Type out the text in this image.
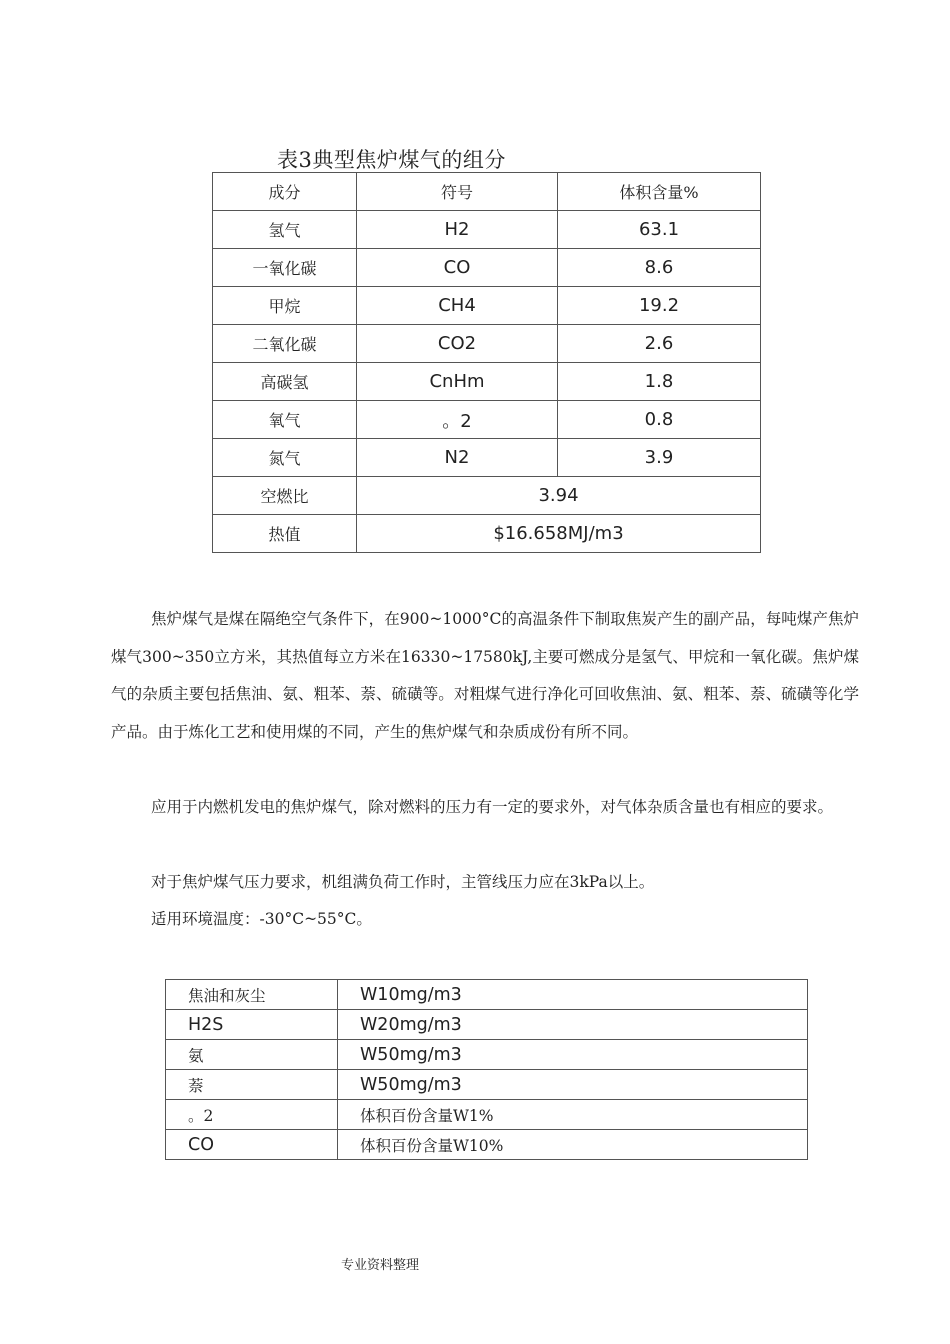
表3典型焦炉煤气的组分
成分	符号	体积含量%
氢气	H2	63.1
一氧化碳	CO	8.6
甲烷	CH4	19.2
二氧化碳	CO2	2.6
高碳氢	CnHm	1.8
氧气	。2	0.8
氮气	N2	3.9
空燃比	3.94	
热值	$16.658MJ/m3	
焦炉煤气是煤在隔绝空气条件下，在900~1000°C的高温条件下制取焦炭产生的副产品，每吨煤产焦炉煤气300~350立方米，其热值每立方米在16330~17580kJ,主要可燃成分是氢气、甲烷和一氧化碳。焦炉煤气的杂质主要包括焦油、氨、粗苯、萘、硫磺等。对粗煤气进行净化可回收焦油、氨、粗苯、萘、硫磺等化学产品。由于炼化工艺和使用煤的不同，产生的焦炉煤气和杂质成份有所不同。
应用于内燃机发电的焦炉煤气，除对燃料的压力有一定的要求外，对气体杂质含量也有相应的要求。
对于焦炉煤气压力要求，机组满负荷工作时，主管线压力应在3kPa以上。
适用环境温度：-30°C~55°C。
焦油和灰尘	W10mg/m3
H2S	W20mg/m3
氨	W50mg/m3
萘	W50mg/m3
。2	体积百份含量W1%
CO	体积百份含量W10%
专业资料整理
